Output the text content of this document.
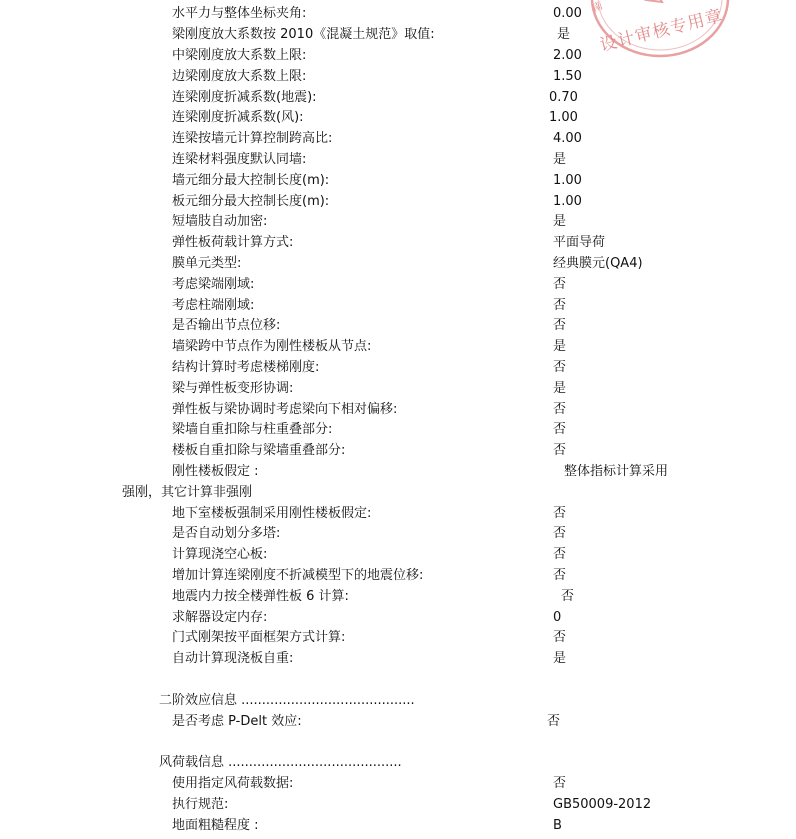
设计审核专用章
南
水平力与整体坐标夹角:	0.00
梁刚度放大系数按 2010《混凝土规范》取值:	是
中梁刚度放大系数上限:	2.00
边梁刚度放大系数上限:	1.50
连梁刚度折减系数(地震):	0.70
连梁刚度折减系数(风):	1.00
连梁按墙元计算控制跨高比:	4.00
连梁材料强度默认同墙:	是
墙元细分最大控制长度(m):	1.00
板元细分最大控制长度(m):	1.00
短墙肢自动加密:	是
弹性板荷载计算方式:	平面导荷
膜单元类型:	经典膜元(QA4)
考虑梁端刚域:	否
考虑柱端刚域:	否
是否输出节点位移:	否
墙梁跨中节点作为刚性楼板从节点:	是
结构计算时考虑楼梯刚度:	否
梁与弹性板变形协调:	是
弹性板与梁协调时考虑梁向下相对偏移:	否
梁墙自重扣除与柱重叠部分:	否
楼板自重扣除与梁墙重叠部分:	否
刚性楼板假定 :	整体指标计算采用
强刚，其它计算非强刚
地下室楼板强制采用刚性楼板假定:	否
是否自动划分多塔:	否
计算现浇空心板:	否
增加计算连梁刚度不折减模型下的地震位移:	否
地震内力按全楼弹性板 6 计算:	否
求解器设定内存:	0
门式刚架按平面框架方式计算:	否
自动计算现浇板自重:	是
二阶效应信息 ..........................................
是否考虑 P-Delt 效应:	否
风荷载信息 ..........................................
使用指定风荷载数据:	否
执行规范:	GB50009-2012
地面粗糙程度 :	B
